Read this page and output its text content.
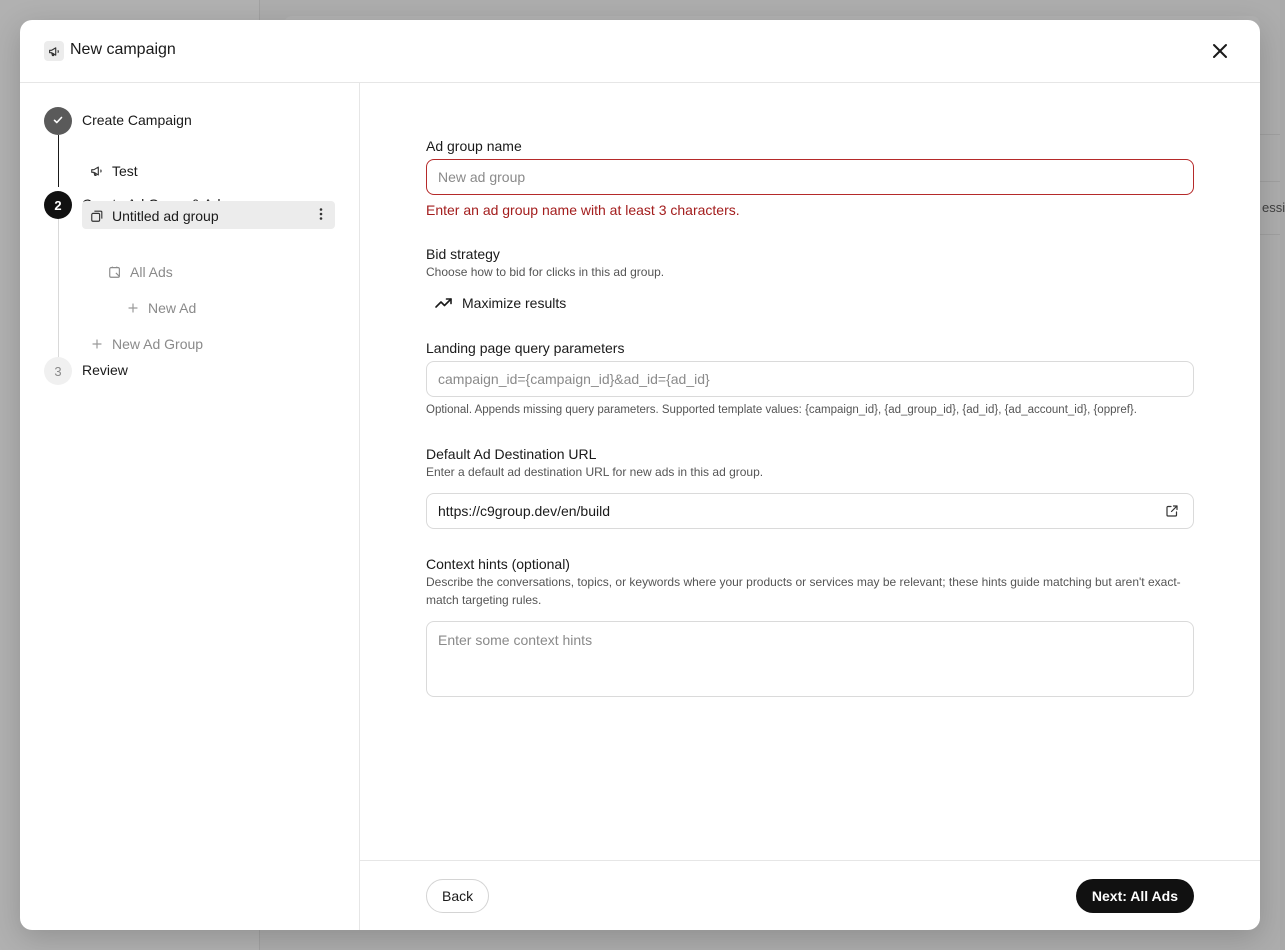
essi
New campaign
Create Campaign
Test
2
Untitled ad group
All Ads
New Ad
New Ad Group
3 Review
Ad group name
New ad group
Enter an ad group name with at least 3 characters.
Bid strategy
Choose how to bid for clicks in this ad group.
Maximize results
Landing page query parameters
campaign_id={campaign_id}&ad_id={ad_id}
Optional. Appends missing query parameters. Supported template values: {campaign_id}, {ad_group_id}, {ad_id}, {ad_account_id}, {oppref}.
Default Ad Destination URL
Enter a default ad destination URL for new ads in this ad group.
https://c9group.dev/en/build
Context hints (optional)
Describe the conversations, topics, or keywords where your products or services may be relevant; these hints guide matching but aren't exact-match targeting rules.
Enter some context hints
Back	Next: All Ads
